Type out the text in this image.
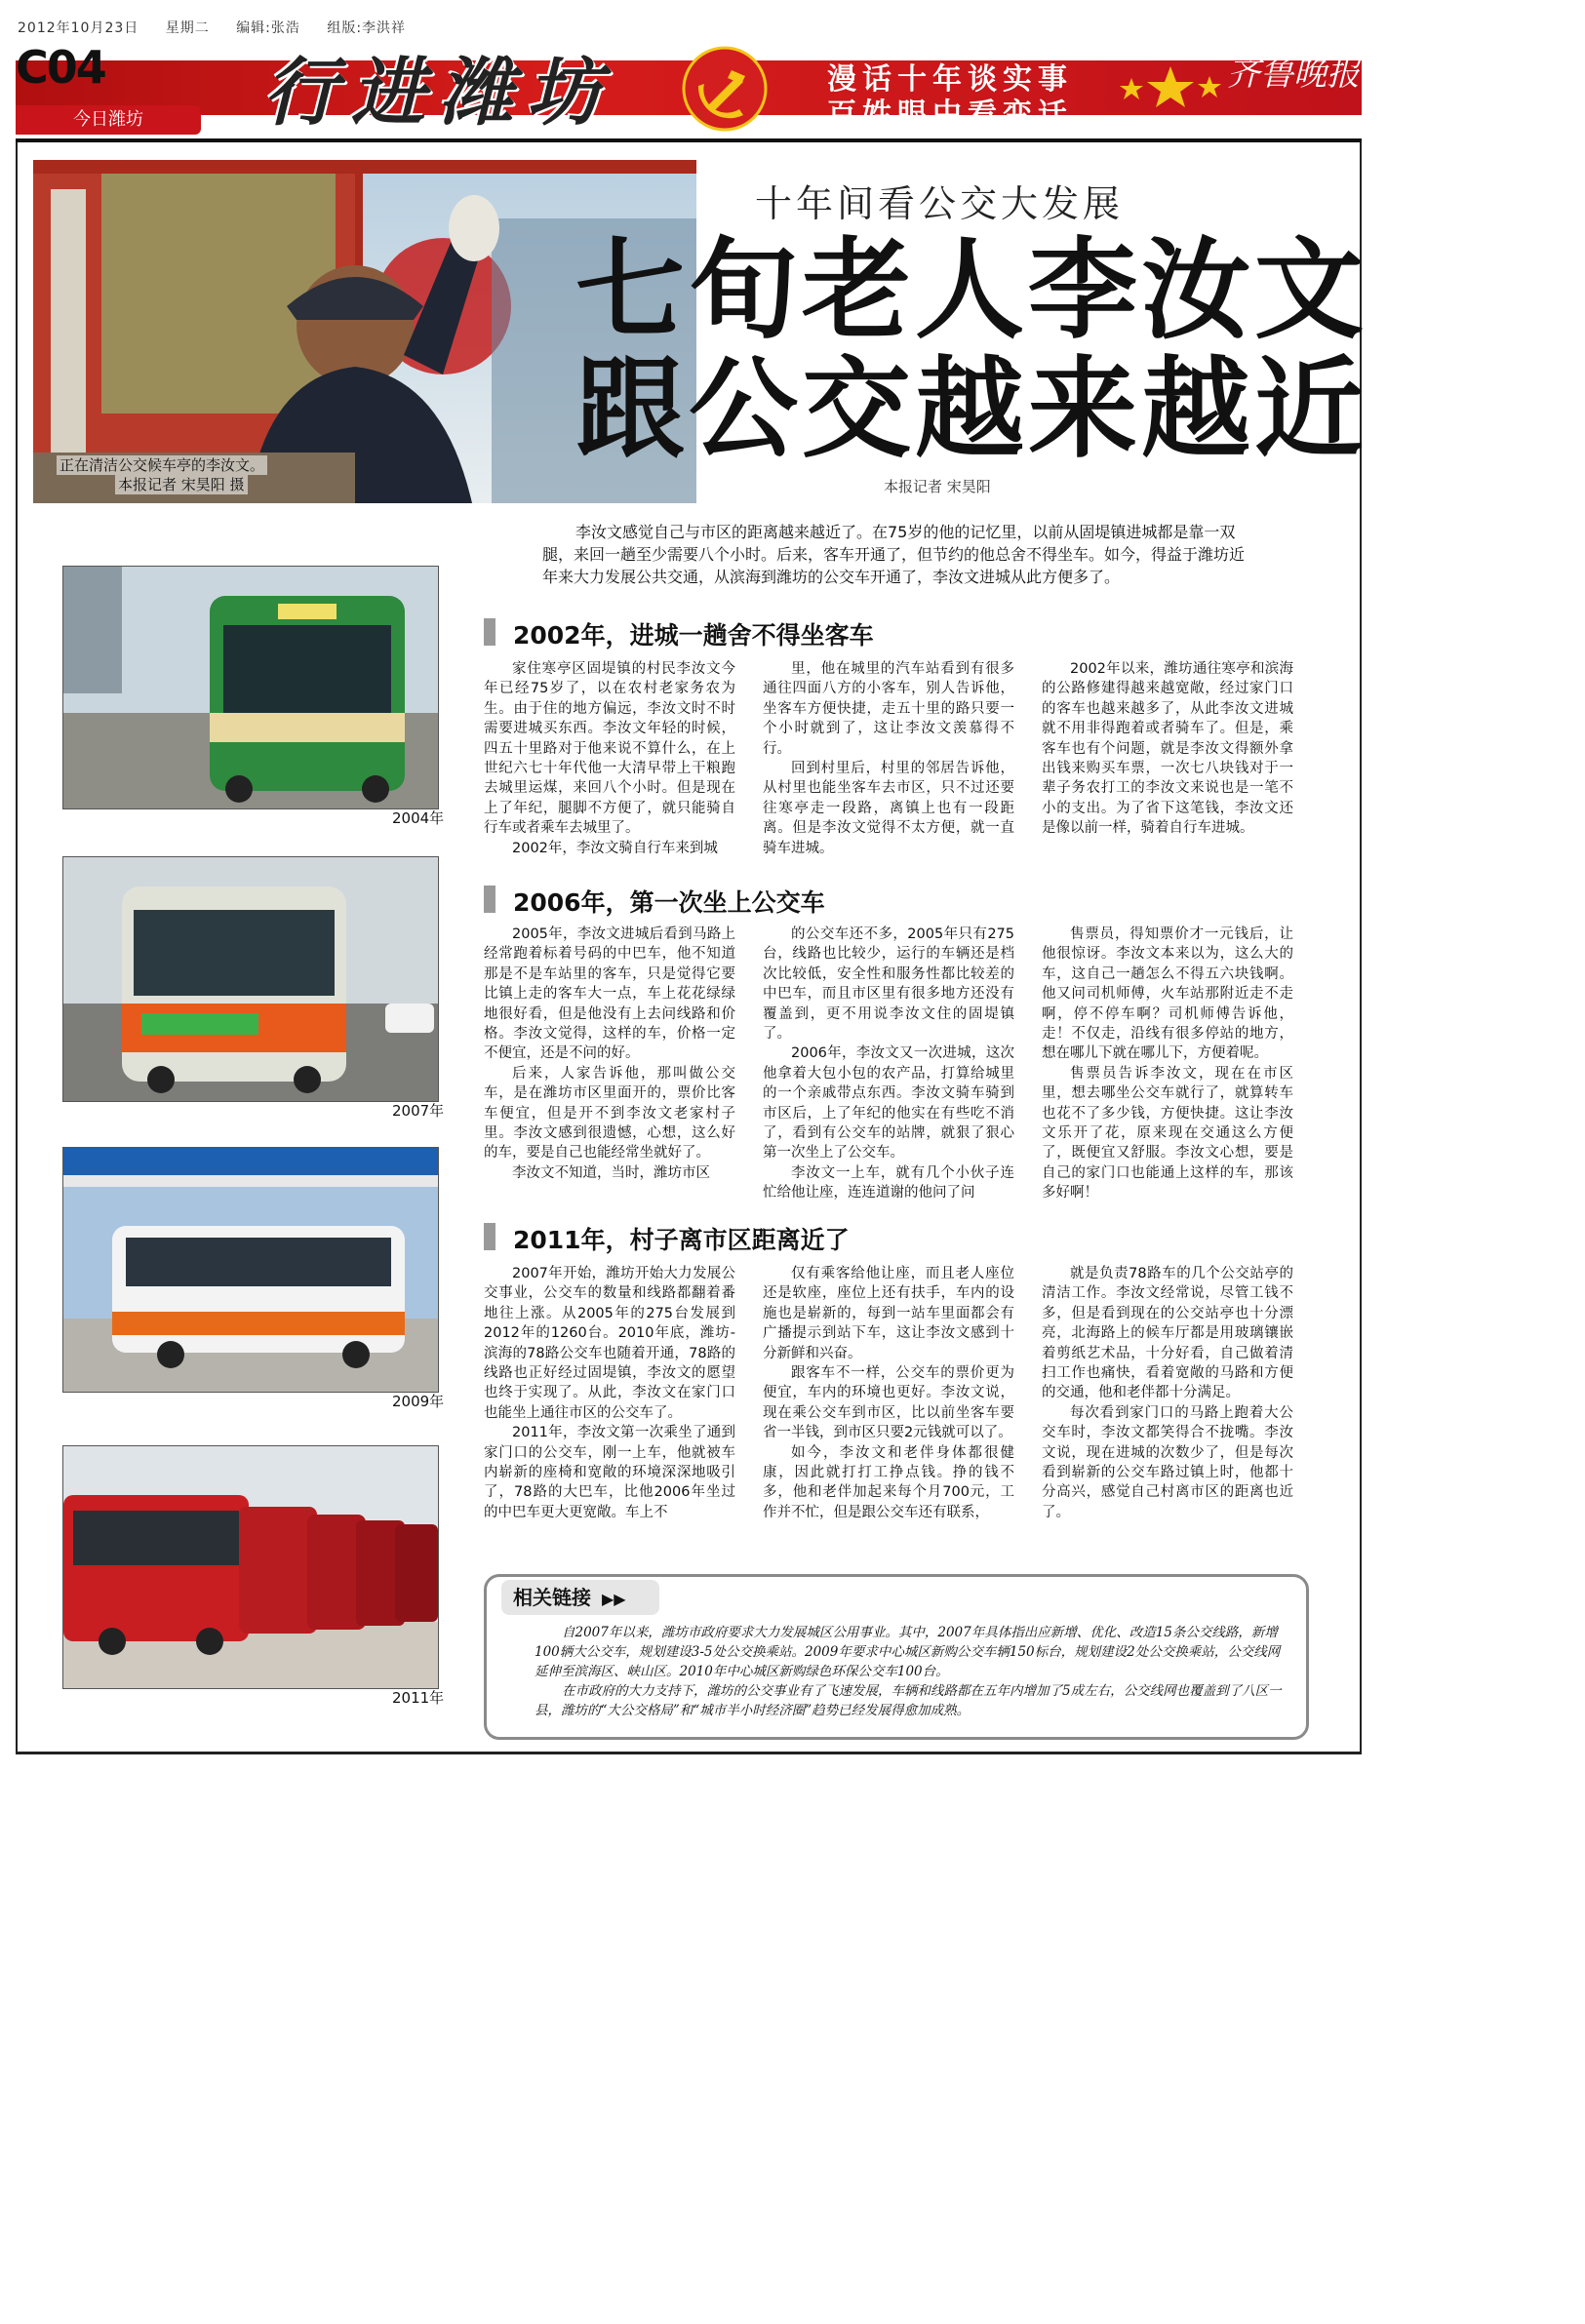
2012年10月23日 星期二 编辑:张浩 组版:李洪祥
C04
今日潍坊	行进潍坊	漫话十年谈实事
百姓眼中看变迁
齐鲁晚报
正在清洁公交候车亭的李汝文。
本报记者 宋昊阳 摄
十年间看公交大发展
七旬老人李汝文
跟公交越来越近
本报记者 宋昊阳
李汝文感觉自己与市区的距离越来越近了。在75岁的他的记忆里，以前从固堤镇进城都是靠一双腿，来回一趟至少需要八个小时。后来，客车开通了，但节约的他总舍不得坐车。如今，得益于潍坊近年来大力发展公共交通，从滨海到潍坊的公交车开通了，李汝文进城从此方便多了。
2004年
2007年
2009年
2011年
2002年，进城一趟舍不得坐客车

家住寒亭区固堤镇的村民李汝文今年已经75岁了，以在农村老家务农为生。由于住的地方偏远，李汝文时不时需要进城买东西。李汝文年轻的时候，四五十里路对于他来说不算什么，在上世纪六七十年代他一大清早带上干粮跑去城里运煤，来回八个小时。但是现在上了年纪，腿脚不方便了，就只能骑自行车或者乘车去城里了。

2002年，李汝文骑自行车来到城

里，他在城里的汽车站看到有很多通往四面八方的小客车，别人告诉他，坐客车方便快捷，走五十里的路只要一个小时就到了，这让李汝文羡慕得不行。

回到村里后，村里的邻居告诉他，从村里也能坐客车去市区，只不过还要往寒亭走一段路，离镇上也有一段距离。但是李汝文觉得不太方便，就一直骑车进城。

2002年以来，潍坊通往寒亭和滨海的公路修建得越来越宽敞，经过家门口的客车也越来越多了，从此李汝文进城就不用非得跑着或者骑车了。但是，乘客车也有个问题，就是李汝文得额外拿出钱来购买车票，一次七八块钱对于一辈子务农打工的李汝文来说也是一笔不小的支出。为了省下这笔钱，李汝文还是像以前一样，骑着自行车进城。

2006年，第一次坐上公交车

2005年，李汝文进城后看到马路上经常跑着标着号码的中巴车，他不知道那是不是车站里的客车，只是觉得它要比镇上走的客车大一点，车上花花绿绿地很好看，但是他没有上去问线路和价格。李汝文觉得，这样的车，价格一定不便宜，还是不问的好。

后来，人家告诉他，那叫做公交车，是在潍坊市区里面开的，票价比客车便宜，但是开不到李汝文老家村子里。李汝文感到很遗憾，心想，这么好的车，要是自己也能经常坐就好了。

李汝文不知道，当时，潍坊市区

的公交车还不多，2005年只有275台，线路也比较少，运行的车辆还是档次比较低，安全性和服务性都比较差的中巴车，而且市区里有很多地方还没有覆盖到，更不用说李汝文住的固堤镇了。

2006年，李汝文又一次进城，这次他拿着大包小包的农产品，打算给城里的一个亲戚带点东西。李汝文骑车骑到市区后，上了年纪的他实在有些吃不消了，看到有公交车的站牌，就狠了狠心第一次坐上了公交车。

李汝文一上车，就有几个小伙子连忙给他让座，连连道谢的他问了问

售票员，得知票价才一元钱后，让他很惊讶。李汝文本来以为，这么大的车，这自己一趟怎么不得五六块钱啊。他又问司机师傅，火车站那附近走不走啊，停不停车啊？司机师傅告诉他，走！不仅走，沿线有很多停站的地方，想在哪儿下就在哪儿下，方便着呢。

售票员告诉李汝文，现在在市区里，想去哪坐公交车就行了，就算转车也花不了多少钱，方便快捷。这让李汝文乐开了花，原来现在交通这么方便了，既便宜又舒服。李汝文心想，要是自己的家门口也能通上这样的车，那该多好啊！

2011年，村子离市区距离近了

2007年开始，潍坊开始大力发展公交事业，公交车的数量和线路都翻着番地往上涨。从2005年的275台发展到2012年的1260台。2010年底，潍坊-滨海的78路公交车也随着开通，78路的线路也正好经过固堤镇，李汝文的愿望也终于实现了。从此，李汝文在家门口也能坐上通往市区的公交车了。

2011年，李汝文第一次乘坐了通到家门口的公交车，刚一上车，他就被车内崭新的座椅和宽敞的环境深深地吸引了，78路的大巴车，比他2006年坐过的中巴车更大更宽敞。车上不

仅有乘客给他让座，而且老人座位还是软座，座位上还有扶手，车内的设施也是崭新的，每到一站车里面都会有广播提示到站下车，这让李汝文感到十分新鲜和兴奋。

跟客车不一样，公交车的票价更为便宜，车内的环境也更好。李汝文说，现在乘公交车到市区，比以前坐客车要省一半钱，到市区只要2元钱就可以了。

如今，李汝文和老伴身体都很健康，因此就打打工挣点钱。挣的钱不多，他和老伴加起来每个月700元，工作并不忙，但是跟公交车还有联系，

就是负责78路车的几个公交站亭的清洁工作。李汝文经常说，尽管工钱不多，但是看到现在的公交站亭也十分漂亮，北海路上的候车厅都是用玻璃镶嵌着剪纸艺术品，十分好看，自己做着清扫工作也痛快，看着宽敞的马路和方便的交通，他和老伴都十分满足。

每次看到家门口的马路上跑着大公交车时，李汝文都笑得合不拢嘴。李汝文说，现在进城的次数少了，但是每次看到崭新的公交车路过镇上时，他都十分高兴，感觉自己村离市区的距离也近了。

相关链接 ▶▶

自2007年以来，潍坊市政府要求大力发展城区公用事业。其中，2007年具体指出应新增、优化、改造15条公交线路，新增100辆大公交车，规划建设3-5处公交换乘站。2009年要求中心城区新购公交车辆150标台，规划建设2处公交换乘站，公交线网延伸至滨海区、峡山区。2010年中心城区新购绿色环保公交车100台。

在市政府的大力支持下，潍坊的公交事业有了飞速发展，车辆和线路都在五年内增加了5成左右，公交线网也覆盖到了八区一县，潍坊的“大公交格局”和“城市半小时经济圈”趋势已经发展得愈加成熟。
